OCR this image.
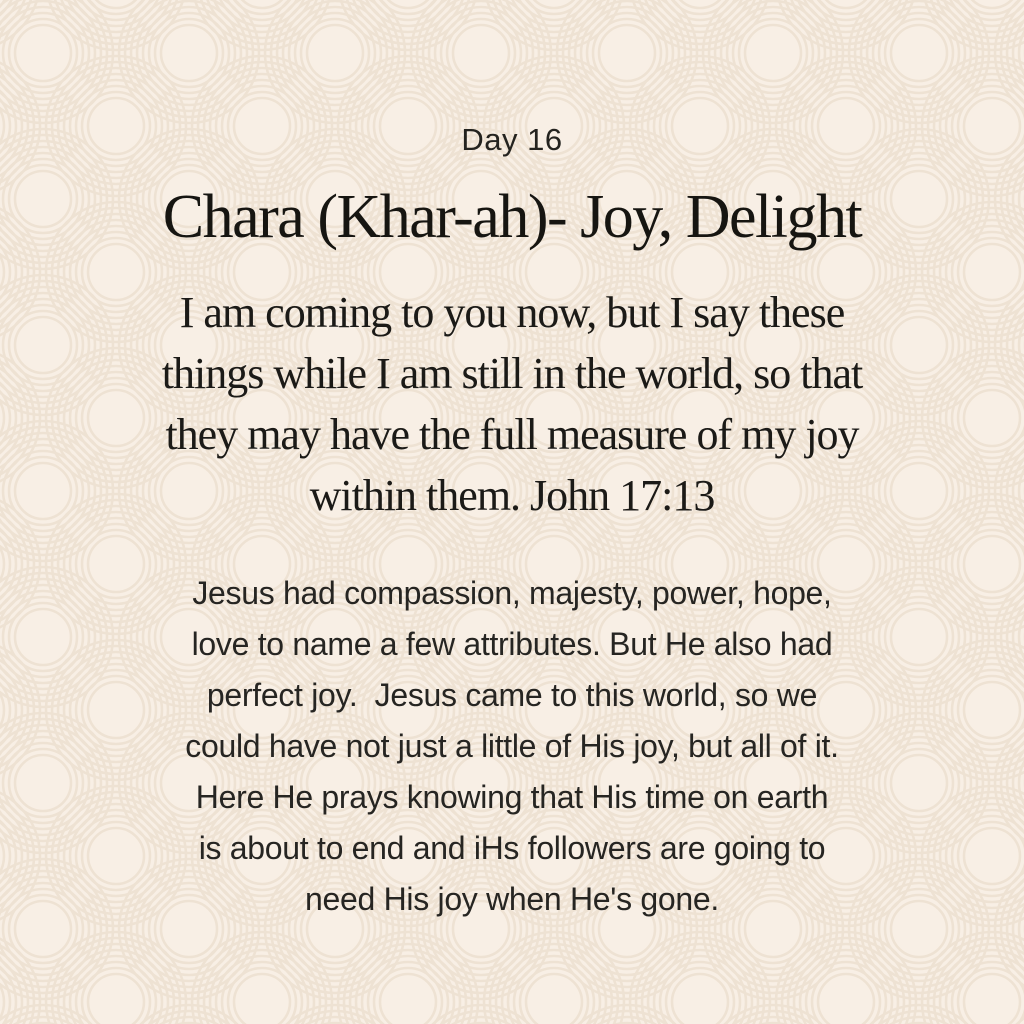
Day 16
Chara (Khar-ah)- Joy, Delight
I am coming to you now, but I say these
things while I am still in the world, so that
they may have the full measure of my joy
within them. John 17:13
Jesus had compassion, majesty, power, hope,
love to name a few attributes. But He also had
perfect joy.  Jesus came to this world, so we
could have not just a little of His joy, but all of it.
Here He prays knowing that His time on earth
is about to end and iHs followers are going to
need His joy when He's gone.
